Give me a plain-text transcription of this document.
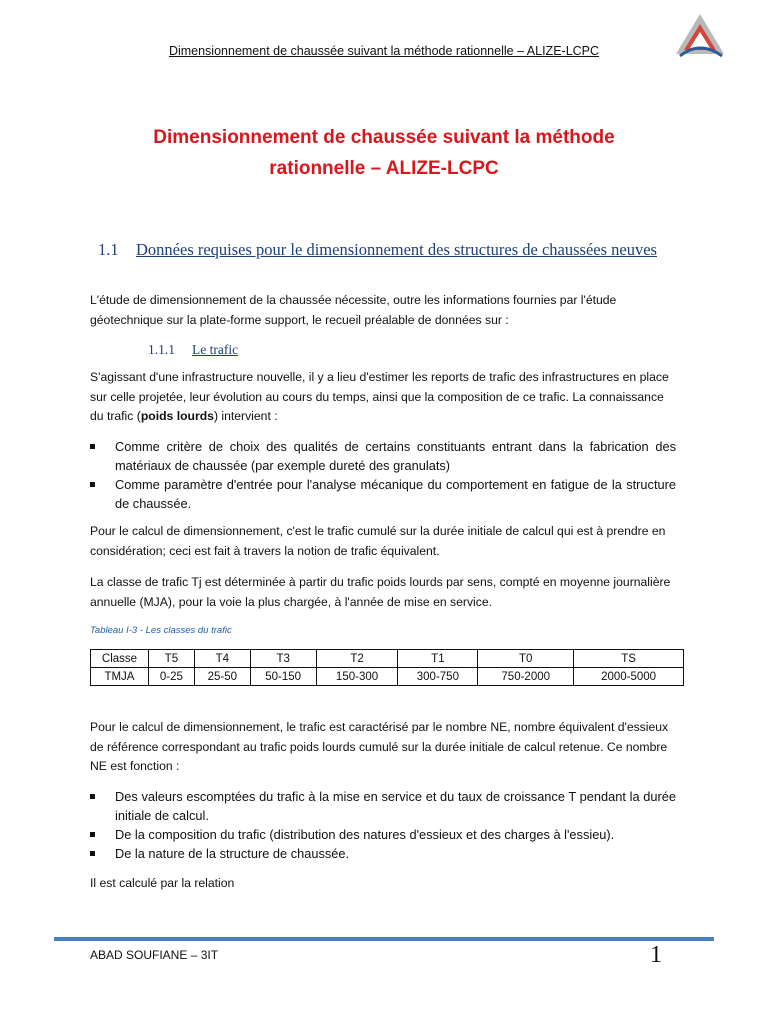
Dimensionnement de chaussée suivant la méthode rationnelle – ALIZE-LCPC
Dimensionnement de chaussée suivant la méthode
rationnelle – ALIZE-LCPC
1.1 Données requises pour le dimensionnement des structures de chaussées neuves
L'étude de dimensionnement de la chaussée nécessite, outre les informations fournies par l'étude géotechnique sur la plate-forme support, le recueil préalable de données sur :
1.1.1 Le trafic
S'agissant d'une infrastructure nouvelle, il y a lieu d'estimer les reports de trafic des infrastructures en place sur celle projetée, leur évolution au cours du temps, ainsi que la composition de ce trafic. La connaissance du trafic (poids lourds) intervient :
Comme critère de choix des qualités de certains constituants entrant dans la fabrication des matériaux de chaussée (par exemple dureté des granulats)
Comme paramètre d'entrée pour l'analyse mécanique du comportement en fatigue de la structure de chaussée.
Pour le calcul de dimensionnement, c'est le trafic cumulé sur la durée initiale de calcul qui est à prendre en considération; ceci est fait à travers la notion de trafic équivalent.
La classe de trafic Tj est déterminée à partir du trafic poids lourds par sens, compté en moyenne journalière annuelle (MJA), pour la voie la plus chargée, à l'année de mise en service.
Tableau I-3 - Les classes du trafic
Classe	T5	T4	T3	T2	T1	T0	TS
TMJA	0-25	25-50	50-150	150-300	300-750	750-2000	2000-5000
Pour le calcul de dimensionnement, le trafic est caractérisé par le nombre NE, nombre équivalent d'essieux de référence correspondant au trafic poids lourds cumulé sur la durée initiale de calcul retenue. Ce nombre NE est fonction :
Des valeurs escomptées du trafic à la mise en service et du taux de croissance T pendant la durée initiale de calcul.
De la composition du trafic (distribution des natures d'essieux et des charges à l'essieu).
De la nature de la structure de chaussée.
Il est calculé par la relation
ABAD SOUFIANE – 3IT	1
